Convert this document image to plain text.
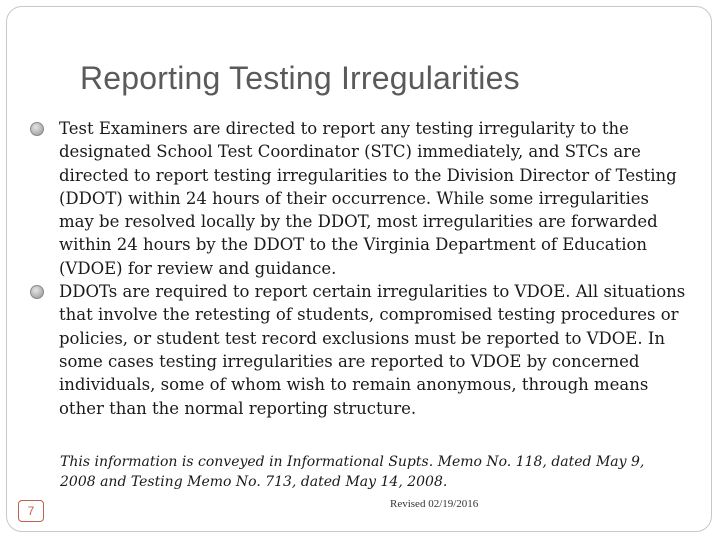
Reporting Testing Irregularities
Test Examiners are directed to report any testing irregularity to the designated School Test Coordinator (STC) immediately, and STCs are directed to report testing irregularities to the Division Director of Testing (DDOT) within 24 hours of their occurrence. While some irregularities may be resolved locally by the DDOT, most irregularities are forwarded within 24 hours by the DDOT to the Virginia Department of Education (VDOE) for review and guidance.
DDOTs are required to report certain irregularities to VDOE. All situations that involve the retesting of students, compromised testing procedures or policies, or student test record exclusions must be reported to VDOE. In some cases testing irregularities are reported to VDOE by concerned individuals, some of whom wish to remain anonymous, through means other than the normal reporting structure.
This information is conveyed in Informational Supts. Memo No. 118, dated May 9, 2008 and Testing Memo No. 713, dated May 14, 2008.
7	Revised 02/19/2016
